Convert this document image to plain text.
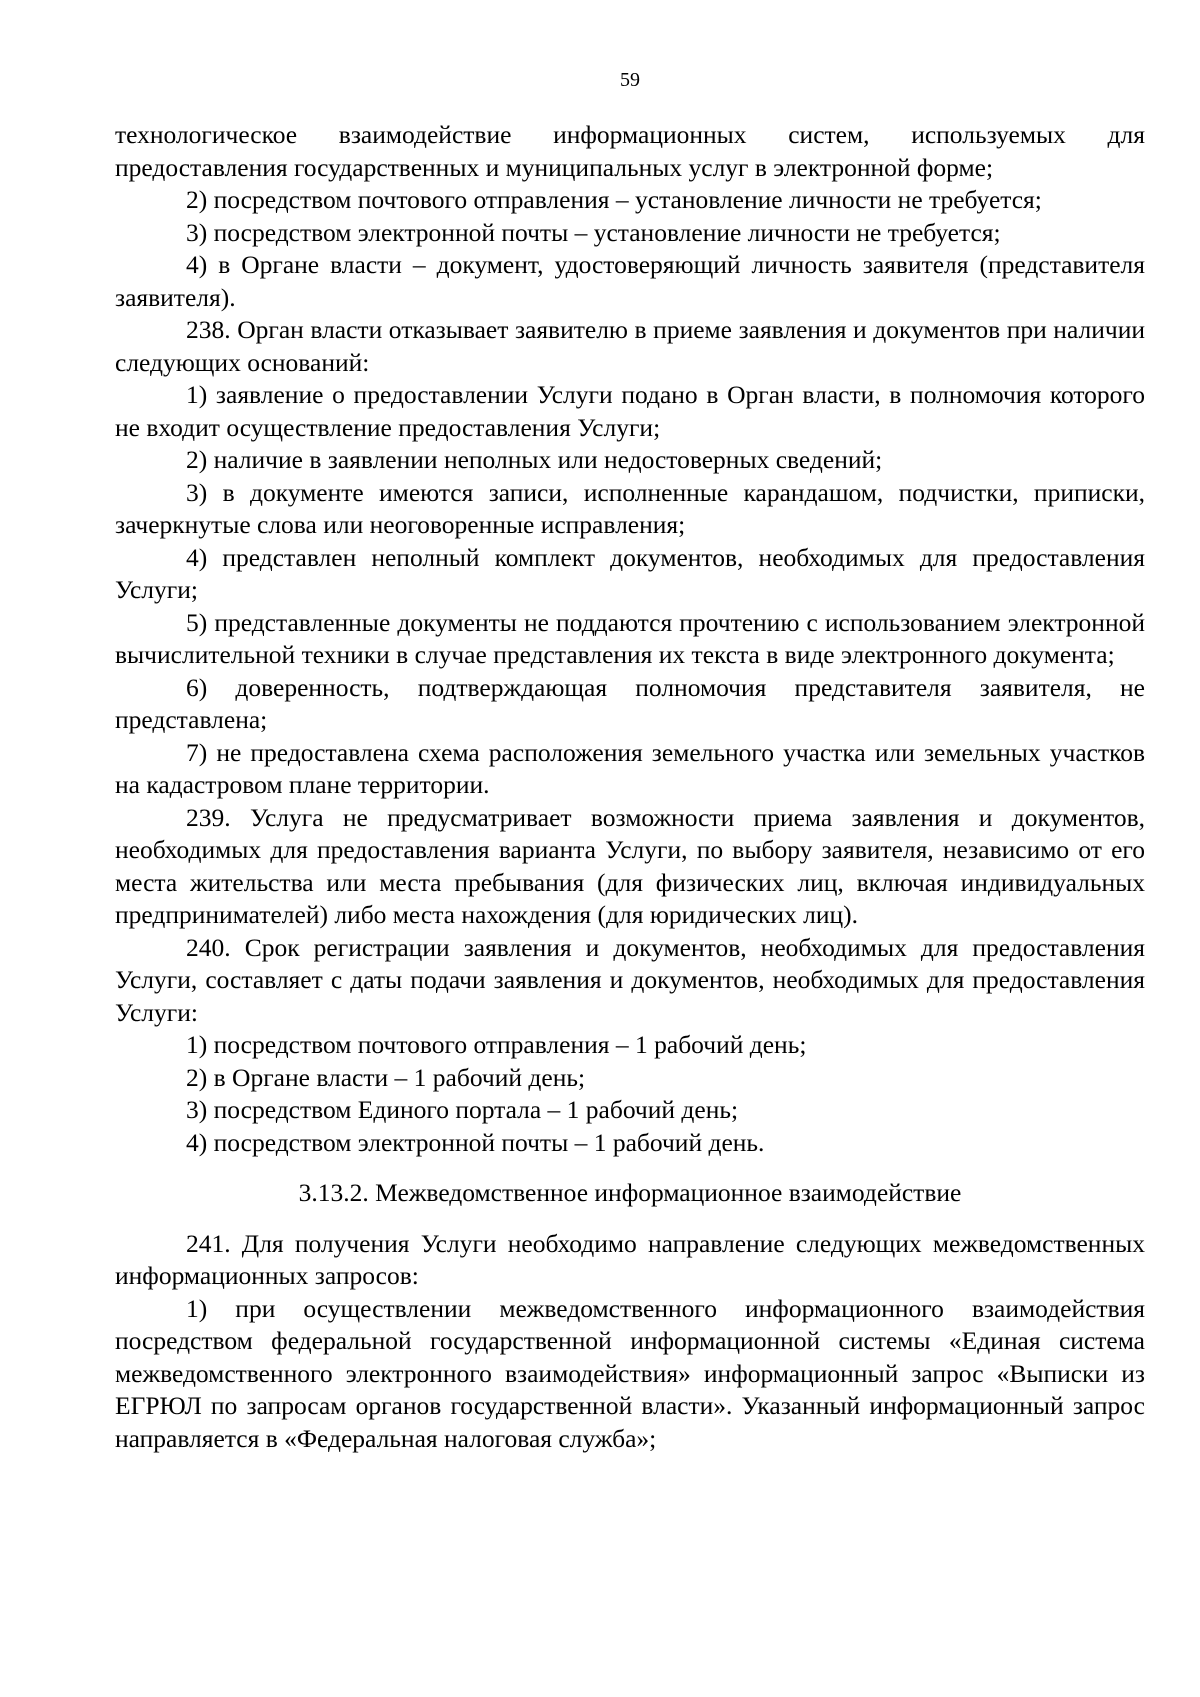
59

технологическое взаимодействие информационных систем, используемых для предоставления государственных и муниципальных услуг в электронной форме;

2) посредством почтового отправления – установление личности не требуется;

3) посредством электронной почты – установление личности не требуется;

4) в Органе власти – документ, удостоверяющий личность заявителя (представителя заявителя).

238. Орган власти отказывает заявителю в приеме заявления и документов при наличии следующих оснований:

1) заявление о предоставлении Услуги подано в Орган власти, в полномочия которого не входит осуществление предоставления Услуги;

2) наличие в заявлении неполных или недостоверных сведений;

3) в документе имеются записи, исполненные карандашом, подчистки, приписки, зачеркнутые слова или неоговоренные исправления;

4) представлен неполный комплект документов, необходимых для предоставления Услуги;

5) представленные документы не поддаются прочтению с использованием электронной вычислительной техники в случае представления их текста в виде электронного документа;

6) доверенность, подтверждающая полномочия представителя заявителя, не представлена;

7) не предоставлена схема расположения земельного участка или земельных участков на кадастровом плане территории.

239. Услуга не предусматривает возможности приема заявления и документов, необходимых для предоставления варианта Услуги, по выбору заявителя, независимо от его места жительства или места пребывания (для физических лиц, включая индивидуальных предпринимателей) либо места нахождения (для юридических лиц).

240. Срок регистрации заявления и документов, необходимых для предоставления Услуги, составляет с даты подачи заявления и документов, необходимых для предоставления Услуги:

1) посредством почтового отправления – 1 рабочий день;

2) в Органе власти – 1 рабочий день;

3) посредством Единого портала – 1 рабочий день;

4) посредством электронной почты – 1 рабочий день.

3.13.2. Межведомственное информационное взаимодействие

241. Для получения Услуги необходимо направление следующих межведомственных информационных запросов:

1) при осуществлении межведомственного информационного взаимодействия посредством федеральной государственной информационной системы «Единая система межведомственного электронного взаимодействия» информационный запрос «Выписки из ЕГРЮЛ по запросам органов государственной власти». Указанный информационный запрос направляется в «Федеральная налоговая служба»;
